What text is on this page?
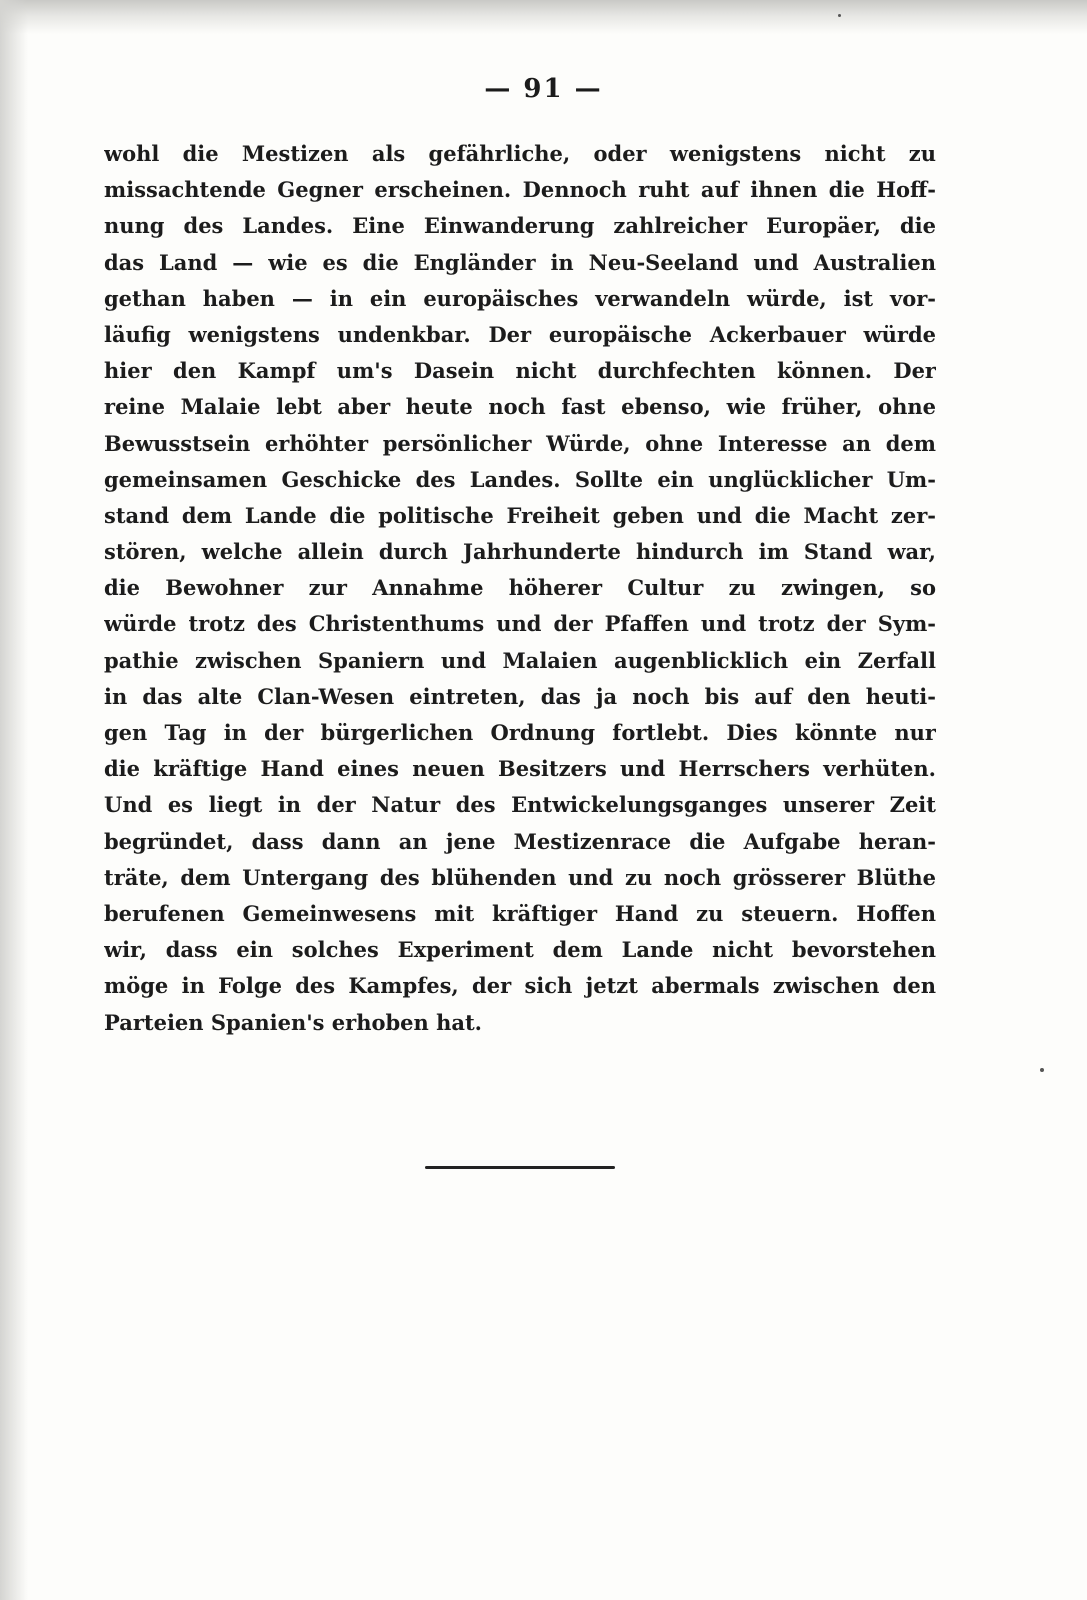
— 91 —
wohl die Mestizen als gefährliche, oder wenigstens nicht zu
missachtende Gegner erscheinen. Dennoch ruht auf ihnen die Hoff-
nung des Landes. Eine Einwanderung zahlreicher Europäer, die
das Land — wie es die Engländer in Neu-Seeland und Australien
gethan haben — in ein europäisches verwandeln würde, ist vor-
läufig wenigstens undenkbar. Der europäische Ackerbauer würde
hier den Kampf um's Dasein nicht durchfechten können. Der
reine Malaie lebt aber heute noch fast ebenso, wie früher, ohne
Bewusstsein erhöhter persönlicher Würde, ohne Interesse an dem
gemeinsamen Geschicke des Landes. Sollte ein unglücklicher Um-
stand dem Lande die politische Freiheit geben und die Macht zer-
stören, welche allein durch Jahrhunderte hindurch im Stand war,
die Bewohner zur Annahme höherer Cultur zu zwingen, so
würde trotz des Christenthums und der Pfaffen und trotz der Sym-
pathie zwischen Spaniern und Malaien augenblicklich ein Zerfall
in das alte Clan-Wesen eintreten, das ja noch bis auf den heuti-
gen Tag in der bürgerlichen Ordnung fortlebt. Dies könnte nur
die kräftige Hand eines neuen Besitzers und Herrschers verhüten.
Und es liegt in der Natur des Entwickelungsganges unserer Zeit
begründet, dass dann an jene Mestizenrace die Aufgabe heran-
träte, dem Untergang des blühenden und zu noch grösserer Blüthe
berufenen Gemeinwesens mit kräftiger Hand zu steuern. Hoffen
wir, dass ein solches Experiment dem Lande nicht bevorstehen
möge in Folge des Kampfes, der sich jetzt abermals zwischen den
Parteien Spanien's erhoben hat.
